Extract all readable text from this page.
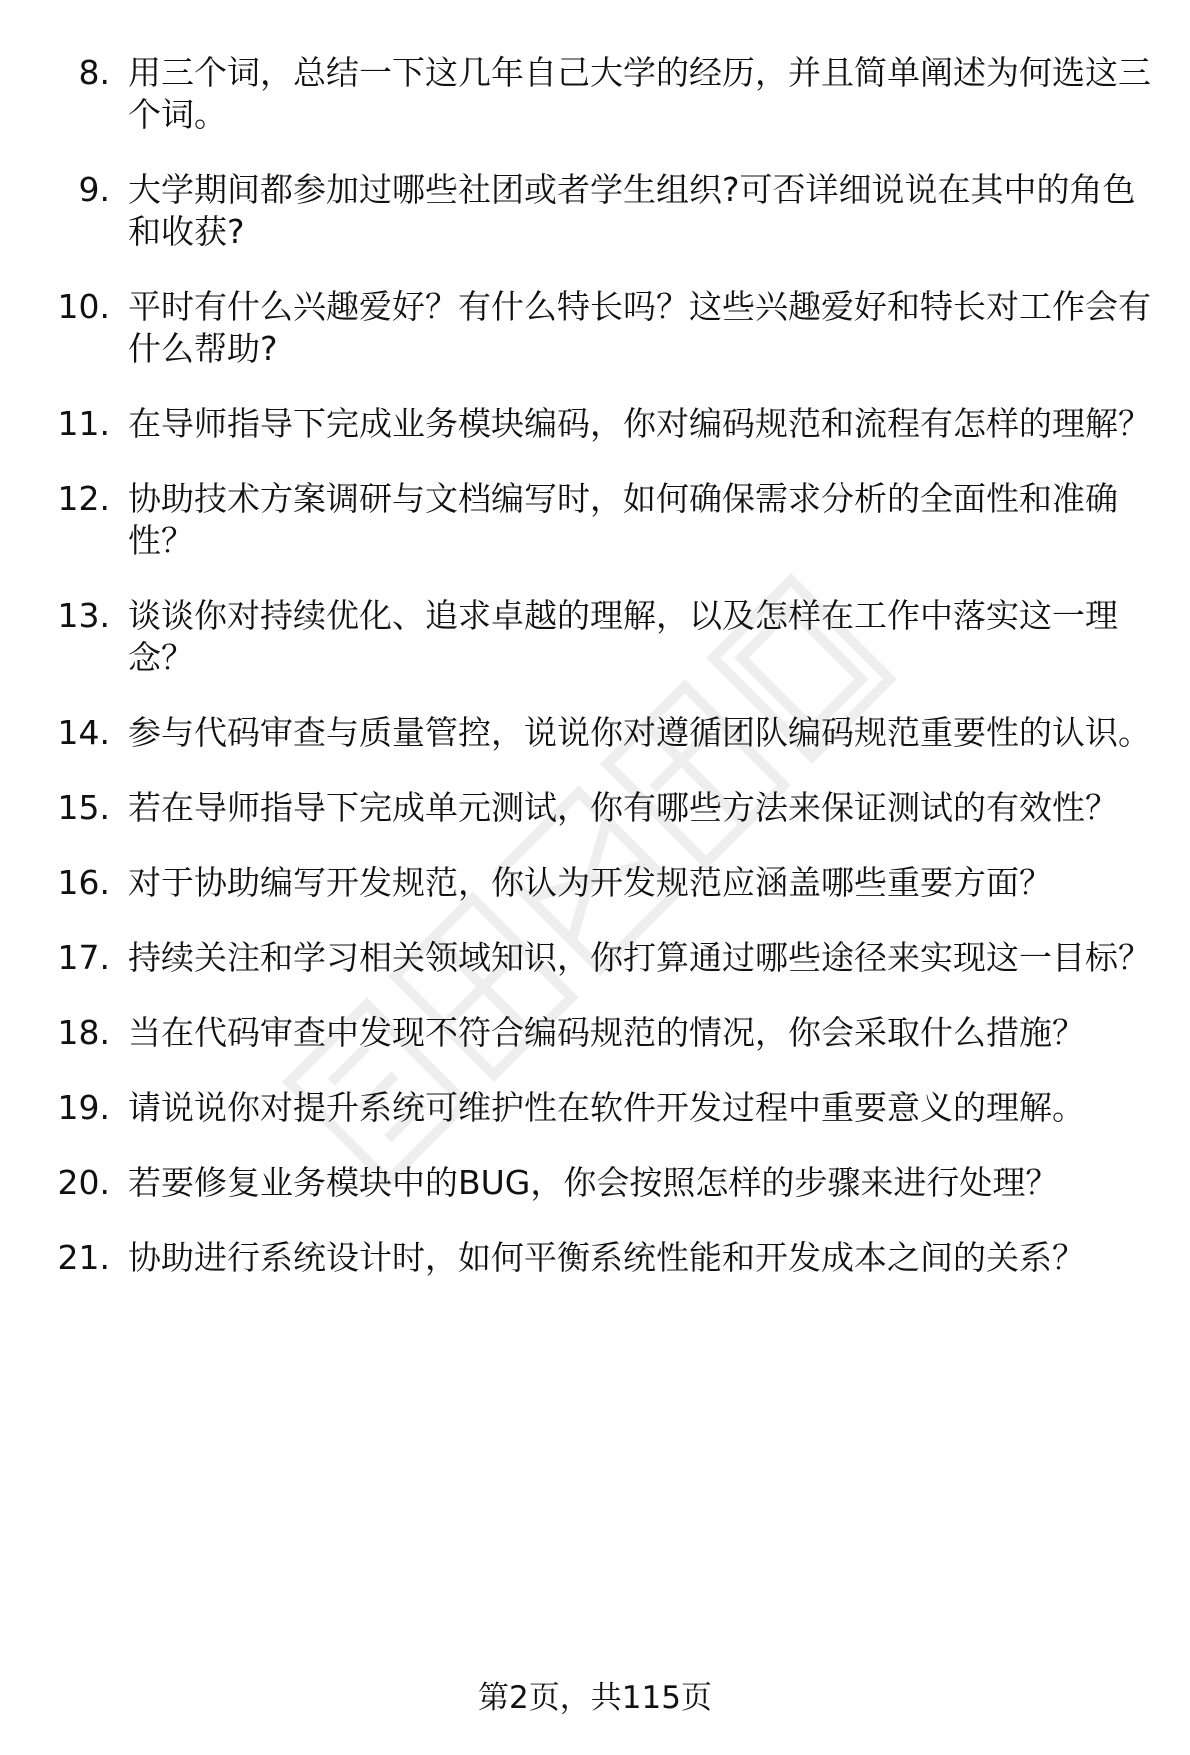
8. 用三个词，总结一下这几年自己大学的经历，并且简单阐述为何选这三个词。
9. 大学期间都参加过哪些社团或者学生组织?可否详细说说在其中的角色和收获?
10. 平时有什么兴趣爱好？有什么特长吗？这些兴趣爱好和特长对工作会有什么帮助?
11. 在导师指导下完成业务模块编码，你对编码规范和流程有怎样的理解？
12. 协助技术方案调研与文档编写时，如何确保需求分析的全面性和准确性？
13. 谈谈你对持续优化、追求卓越的理解，以及怎样在工作中落实这一理念？
14. 参与代码审查与质量管控，说说你对遵循团队编码规范重要性的认识。
15. 若在导师指导下完成单元测试，你有哪些方法来保证测试的有效性？
16. 对于协助编写开发规范，你认为开发规范应涵盖哪些重要方面？
17. 持续关注和学习相关领域知识，你打算通过哪些途径来实现这一目标？
18. 当在代码审查中发现不符合编码规范的情况，你会采取什么措施？
19. 请说说你对提升系统可维护性在软件开发过程中重要意义的理解。
20. 若要修复业务模块中的BUG，你会按照怎样的步骤来进行处理？
21. 协助进行系统设计时，如何平衡系统性能和开发成本之间的关系？
第2页，共115页
